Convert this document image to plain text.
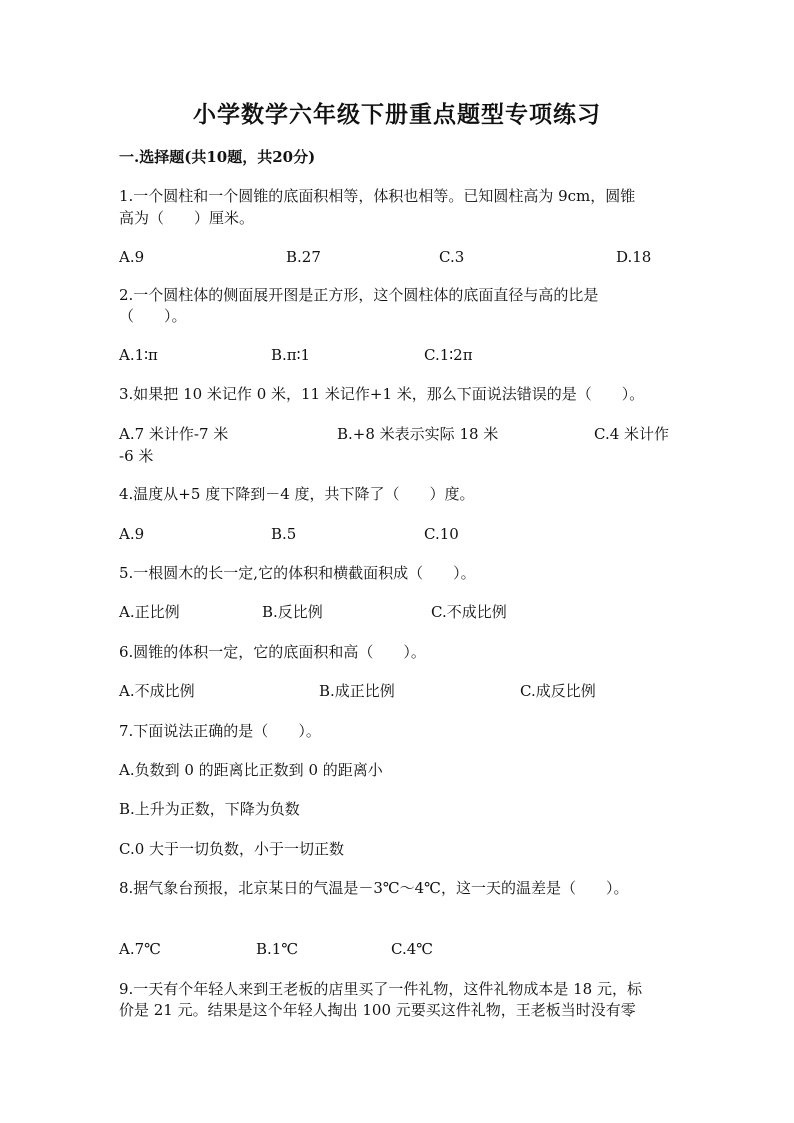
小学数学六年级下册重点题型专项练习
一.选择题(共10题，共20分)
1.一个圆柱和一个圆锥的底面积相等，体积也相等。已知圆柱高为 9cm，圆锥
高为（　　）厘米。
A.9	B.27	C.3	D.18
2.一个圆柱体的侧面展开图是正方形，这个圆柱体的底面直径与高的比是
（　　）。
A.1∶π	B.π∶1	C.1∶2π
3.如果把 10 米记作 0 米，11 米记作+1 米，那么下面说法错误的是（　　）。
A.7 米计作-7 米	B.+8 米表示实际 18 米	C.4 米计作
-6 米
4.温度从+5 度下降到－4 度，共下降了（　　）度。
A.9	B.5	C.10
5.一根圆木的长一定,它的体积和横截面积成（　　）。
A.正比例	B.反比例	C.不成比例
6.圆锥的体积一定，它的底面积和高（　　）。
A.不成比例	B.成正比例	C.成反比例
7.下面说法正确的是（　　）。
A.负数到 0 的距离比正数到 0 的距离小
B.上升为正数，下降为负数
C.0 大于一切负数，小于一切正数
8.据气象台预报，北京某日的气温是－3℃～4℃，这一天的温差是（　　）。
A.7℃	B.1℃	C.4℃
9.一天有个年轻人来到王老板的店里买了一件礼物，这件礼物成本是 18 元，标
价是 21 元。结果是这个年轻人掏出 100 元要买这件礼物，王老板当时没有零
